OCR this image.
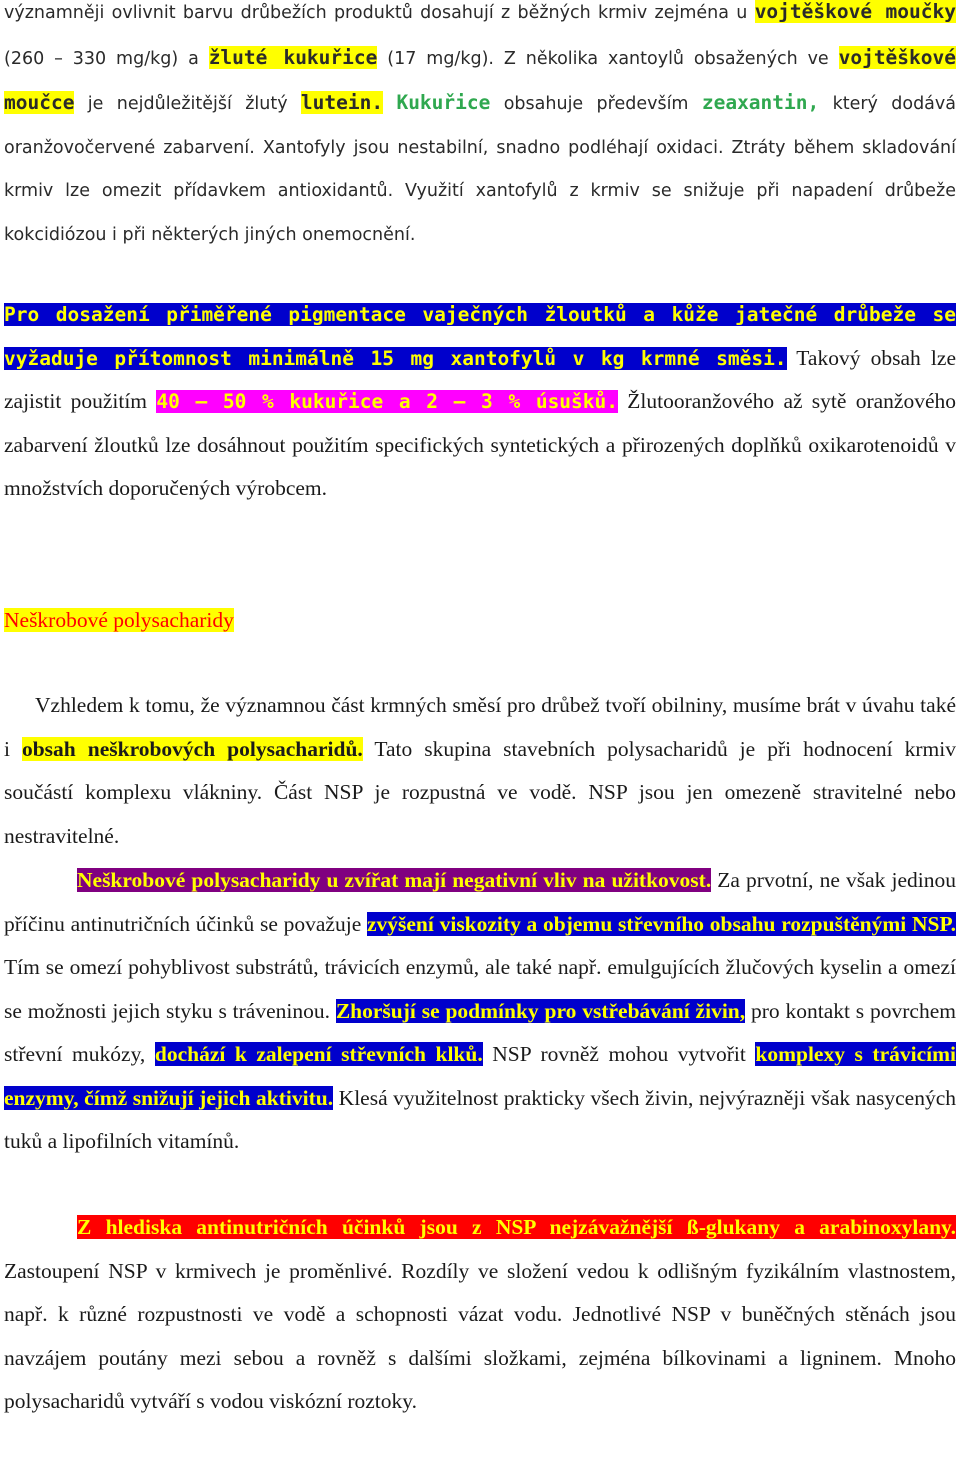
významněji ovlivnit barvu drůbežích produktů dosahují z běžných krmiv zejména u vojtěškové moučky (260 – 330 mg/kg) a žluté kukuřice (17 mg/kg). Z několika xantoylů obsažených ve vojtěškové moučce je nejdůležitější žlutý lutein. Kukuřice obsahuje především zeaxantin, který dodává oranžovočervené zabarvení. Xantofyly jsou nestabilní, snadno podléhají oxidaci. Ztráty během skladování krmiv lze omezit přídavkem antioxidantů. Využití xantofylů z krmiv se snižuje při napadení drůbeže kokcidiózou i při některých jiných onemocnění.

Pro dosažení přiměřené pigmentace vaječných žloutků a kůže jatečné drůbeže se vyžaduje přítomnost minimálně 15 mg xantofylů v kg krmné směsi. Takový obsah lze zajistit použitím 40 – 50 % kukuřice a 2 – 3 % úsušků. Žlutooranžového až sytě oranžového zabarvení žloutků lze dosáhnout použitím specifických syntetických a přirozených doplňků oxikarotenoidů v množstvích doporučených výrobcem.

Neškrobové polysacharidy

Vzhledem k tomu, že významnou část krmných směsí pro drůbež tvoří obilniny, musíme brát v úvahu také i obsah neškrobových polysacharidů. Tato skupina stavebních polysacharidů je při hodnocení krmiv součástí komplexu vlákniny. Část NSP je rozpustná ve vodě. NSP jsou jen omezeně stravitelné nebo nestravitelné.

Neškrobové polysacharidy u zvířat mají negativní vliv na užitkovost. Za prvotní, ne však jedinou příčinu antinutričních účinků se považuje zvýšení viskozity a objemu střevního obsahu rozpuštěnými NSP. Tím se omezí pohyblivost substrátů, trávicích enzymů, ale také např. emulgujících žlučových kyselin a omezí se možnosti jejich styku s tráveninou. Zhoršují se podmínky pro vstřebávání živin, pro kontakt s povrchem střevní mukózy, dochází k zalepení střevních klků. NSP rovněž mohou vytvořit komplexy s trávicími enzymy, čímž snižují jejich aktivitu. Klesá využitelnost prakticky všech živin, nejvýrazněji však nasycených tuků a lipofilních vitamínů.

Z hlediska antinutričních účinků jsou z NSP nejzávažnější ß-glukany a arabinoxylany. Zastoupení NSP v krmivech je proměnlivé. Rozdíly ve složení vedou k odlišným fyzikálním vlastnostem, např. k různé rozpustnosti ve vodě a schopnosti vázat vodu. Jednotlivé NSP v buněčných stěnách jsou navzájem poutány mezi sebou a rovněž s dalšími složkami, zejména bílkovinami a ligninem. Mnoho polysacharidů vytváří s vodou viskózní roztoky.
